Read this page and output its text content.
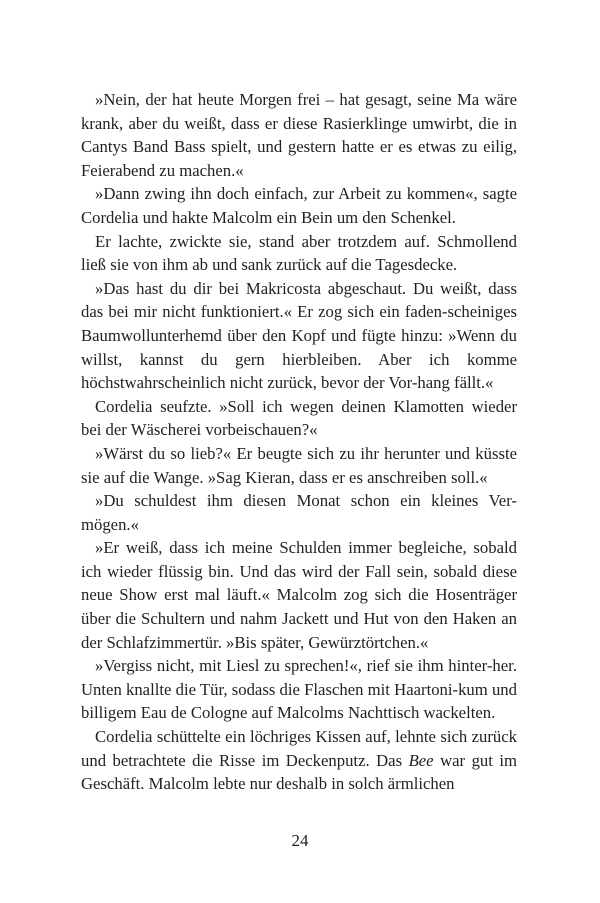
»Nein, der hat heute Morgen frei – hat gesagt, seine Ma wäre krank, aber du weißt, dass er diese Rasierklinge umwirbt, die in Cantys Band Bass spielt, und gestern hatte er es etwas zu eilig, Feierabend zu machen.«

»Dann zwing ihn doch einfach, zur Arbeit zu kommen«, sagte Cordelia und hakte Malcolm ein Bein um den Schenkel.

Er lachte, zwickte sie, stand aber trotzdem auf. Schmollend ließ sie von ihm ab und sank zurück auf die Tagesdecke.

»Das hast du dir bei Makricosta abgeschaut. Du weißt, dass das bei mir nicht funktioniert.« Er zog sich ein faden-scheiniges Baumwollunterhemd über den Kopf und fügte hinzu: »Wenn du willst, kannst du gern hierbleiben. Aber ich komme höchstwahrscheinlich nicht zurück, bevor der Vor-hang fällt.«

Cordelia seufzte. »Soll ich wegen deinen Klamotten wieder bei der Wäscherei vorbeischauen?«

»Wärst du so lieb?« Er beugte sich zu ihr herunter und küsste sie auf die Wange. »Sag Kieran, dass er es anschreiben soll.«

»Du schuldest ihm diesen Monat schon ein kleines Ver-mögen.«

»Er weiß, dass ich meine Schulden immer begleiche, sobald ich wieder flüssig bin. Und das wird der Fall sein, sobald diese neue Show erst mal läuft.« Malcolm zog sich die Hosenträger über die Schultern und nahm Jackett und Hut von den Haken an der Schlafzimmertür. »Bis später, Gewürztörtchen.«

»Vergiss nicht, mit Liesl zu sprechen!«, rief sie ihm hinter-her. Unten knallte die Tür, sodass die Flaschen mit Haartoni-kum und billigem Eau de Cologne auf Malcolms Nachttisch wackelten.

Cordelia schüttelte ein löchriges Kissen auf, lehnte sich zurück und betrachtete die Risse im Deckenputz. Das Bee war gut im Geschäft. Malcolm lebte nur deshalb in solch ärmlichen

24
